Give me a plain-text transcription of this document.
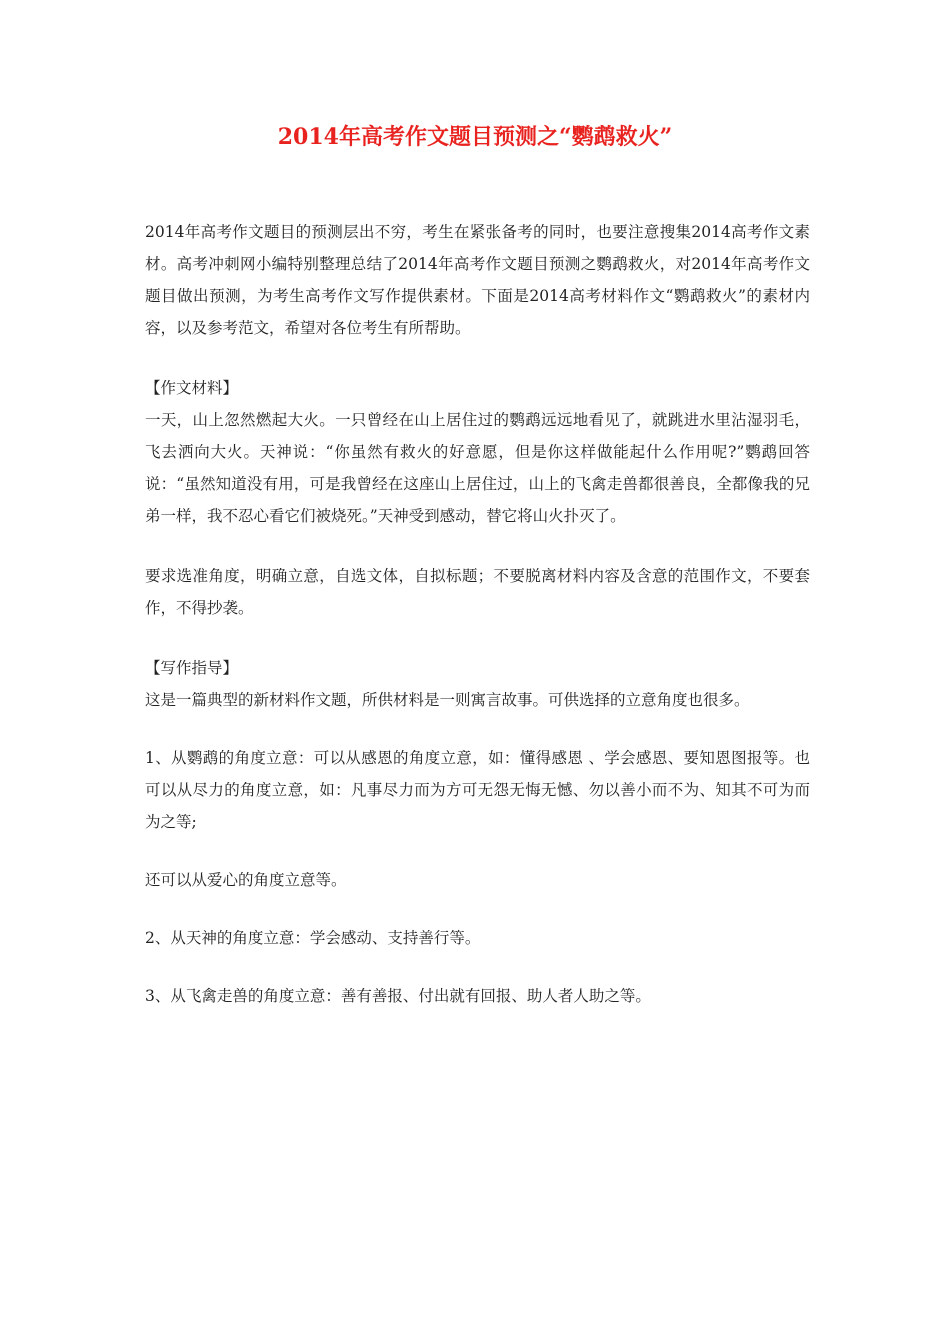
2014年高考作文题目预测之“鹦鹉救火”

2014年高考作文题目的预测层出不穷，考生在紧张备考的同时，也要注意搜集2014高考作文素材。高考冲刺网小编特别整理总结了2014年高考作文题目预测之鹦鹉救火，对2014年高考作文题目做出预测，为考生高考作文写作提供素材。下面是2014高考材料作文“鹦鹉救火”的素材内容，以及参考范文，希望对各位考生有所帮助。

【作文材料】

一天，山上忽然燃起大火。一只曾经在山上居住过的鹦鹉远远地看见了，就跳进水里沾湿羽毛，飞去洒向大火。天神说：“你虽然有救火的好意愿，但是你这样做能起什么作用呢?”鹦鹉回答说：“虽然知道没有用，可是我曾经在这座山上居住过，山上的飞禽走兽都很善良，全都像我的兄弟一样，我不忍心看它们被烧死。”天神受到感动，替它将山火扑灭了。

要求选准角度，明确立意，自选文体，自拟标题；不要脱离材料内容及含意的范围作文，不要套作，不得抄袭。

【写作指导】

这是一篇典型的新材料作文题，所供材料是一则寓言故事。可供选择的立意角度也很多。

1、从鹦鹉的角度立意：可以从感恩的角度立意，如：懂得感恩 、学会感恩、要知恩图报等。也可以从尽力的角度立意，如：凡事尽力而为方可无怨无悔无憾、勿以善小而不为、知其不可为而为之等;

还可以从爱心的角度立意等。

2、从天神的角度立意：学会感动、支持善行等。

3、从飞禽走兽的角度立意：善有善报、付出就有回报、助人者人助之等。
